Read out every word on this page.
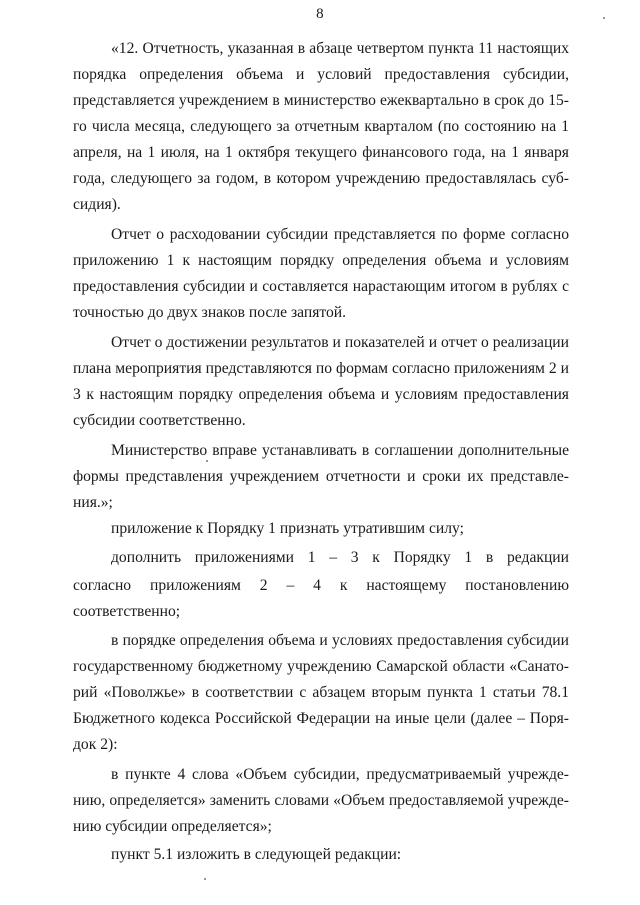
8
«12. Отчетность, указанная в абзаце четвертом пункта 11 настоящих
порядка определения объема и условий предоставления субсидии,
представляется учреждением в министерство ежеквартально в срок до 15-
го числа месяца, следующего за отчетным кварталом (по состоянию на 1
апреля, на 1 июля, на 1 октября текущего финансового года, на 1 января
года, следующего за годом, в котором учреждению предоставлялась суб-
сидия).
Отчет о расходовании субсидии представляется по форме согласно
приложению 1 к настоящим порядку определения объема и условиям
предоставления субсидии и составляется нарастающим итогом в рублях с
точностью до двух знаков после запятой.
Отчет о достижении результатов и показателей и отчет о реализации
плана мероприятия представляются по формам согласно приложениям 2 и
3 к настоящим порядку определения объема и условиям предоставления
субсидии соответственно.
Министерство вправе устанавливать в соглашении дополнительные
формы представления учреждением отчетности и сроки их представле-
ния.»;
приложение к Порядку 1 признать утратившим силу;
дополнить приложениями 1 – 3 к Порядку 1 в редакции
согласно приложениям 2 – 4 к настоящему постановлению
соответственно;
в порядке определения объема и условиях предоставления субсидии
государственному бюджетному учреждению Самарской области «Санато-
рий «Поволжье» в соответствии с абзацем вторым пункта 1 статьи 78.1
Бюджетного кодекса Российской Федерации на иные цели (далее – Поря-
док 2):
в пункте 4 слова «Объем субсидии, предусматриваемый учрежде-
нию, определяется» заменить словами «Объем предоставляемой учрежде-
нию субсидии определяется»;
пункт 5.1 изложить в следующей редакции:
